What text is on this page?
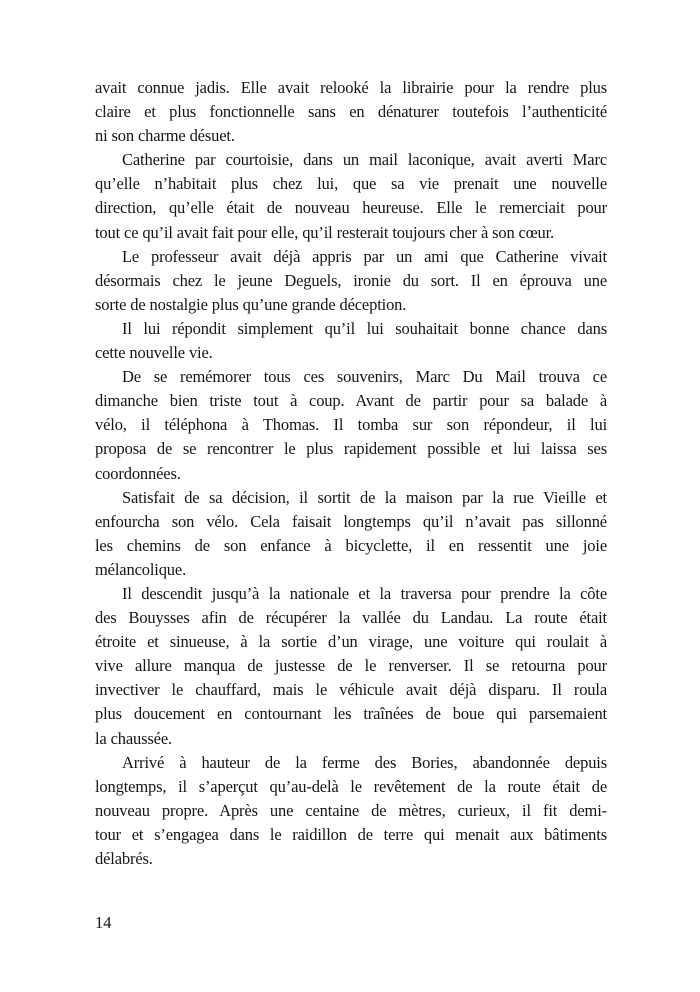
avait connue jadis. Elle avait relooké la librairie pour la rendre plus
claire et plus fonctionnelle sans en dénaturer toutefois l’authenticité
ni son charme désuet.

Catherine par courtoisie, dans un mail laconique, avait averti Marc
qu’elle n’habitait plus chez lui, que sa vie prenait une nouvelle
direction, qu’elle était de nouveau heureuse. Elle le remerciait pour
tout ce qu’il avait fait pour elle, qu’il resterait toujours cher à son cœur.

Le professeur avait déjà appris par un ami que Catherine vivait
désormais chez le jeune Deguels, ironie du sort. Il en éprouva une
sorte de nostalgie plus qu’une grande déception.

Il lui répondit simplement qu’il lui souhaitait bonne chance dans
cette nouvelle vie.

De se remémorer tous ces souvenirs, Marc Du Mail trouva ce
dimanche bien triste tout à coup. Avant de partir pour sa balade à
vélo, il téléphona à Thomas. Il tomba sur son répondeur, il lui
proposa de se rencontrer le plus rapidement possible et lui laissa ses
coordonnées.

Satisfait de sa décision, il sortit de la maison par la rue Vieille et
enfourcha son vélo. Cela faisait longtemps qu’il n’avait pas sillonné
les chemins de son enfance à bicyclette, il en ressentit une joie
mélancolique.

Il descendit jusqu’à la nationale et la traversa pour prendre la côte
des Bouysses afin de récupérer la vallée du Landau. La route était
étroite et sinueuse, à la sortie d’un virage, une voiture qui roulait à
vive allure manqua de justesse de le renverser. Il se retourna pour
invectiver le chauffard, mais le véhicule avait déjà disparu. Il roula
plus doucement en contournant les traînées de boue qui parsemaient
la chaussée.

Arrivé à hauteur de la ferme des Bories, abandonnée depuis
longtemps, il s’aperçut qu’au-delà le revêtement de la route était de
nouveau propre. Après une centaine de mètres, curieux, il fit demi-
tour et s’engagea dans le raidillon de terre qui menait aux bâtiments
délabrés.

14
